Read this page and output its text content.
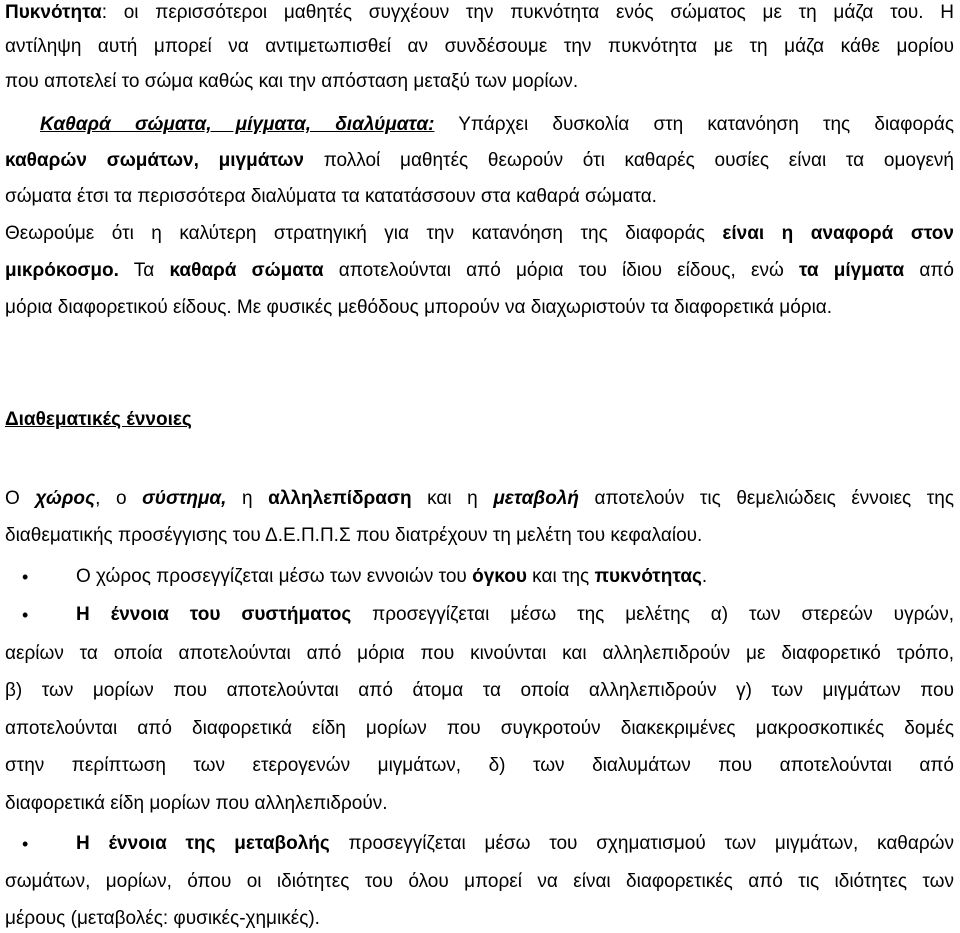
Πυκνότητα: οι περισσότεροι μαθητές συγχέουν την πυκνότητα ενός σώματος με τη μάζα του. Η
αντίληψη αυτή μπορεί να αντιμετωπισθεί αν συνδέσουμε την πυκνότητα με τη μάζα κάθε μορίου
που αποτελεί το σώμα καθώς και την απόσταση μεταξύ των μορίων.
Καθαρά σώματα, μίγματα, διαλύματα: Υπάρχει δυσκολία στη κατανόηση της διαφοράς
καθαρών σωμάτων, μιγμάτων πολλοί μαθητές θεωρούν ότι καθαρές ουσίες είναι τα ομογενή
σώματα έτσι τα περισσότερα διαλύματα τα κατατάσσουν στα καθαρά σώματα.
Θεωρούμε ότι η καλύτερη στρατηγική για την κατανόηση της διαφοράς είναι η αναφορά στον
μικρόκοσμο. Τα καθαρά σώματα αποτελούνται από μόρια του ίδιου είδους, ενώ τα μίγματα από
μόρια διαφορετικού είδους. Με φυσικές μεθόδους μπορούν να διαχωριστούν τα διαφορετικά μόρια.
Διαθεματικές έννοιες
Ο χώρος, ο σύστημα, η αλληλεπίδραση και η μεταβολή αποτελούν τις θεμελιώδεις έννοιες της
διαθεματικής προσέγγισης του Δ.Ε.Π.Π.Σ που διατρέχουν τη μελέτη του κεφαλαίου.
•	Ο χώρος προσεγγίζεται μέσω των εννοιών του όγκου και της πυκνότητας.
•	Η έννοια του συστήματος προσεγγίζεται μέσω της μελέτης α) των στερεών υγρών,
αερίων τα οποία αποτελούνται από μόρια που κινούνται και αλληλεπιδρούν με διαφορετικό τρόπο,
β) των μορίων που αποτελούνται από άτομα τα οποία αλληλεπιδρούν γ) των μιγμάτων που
αποτελούνται από διαφορετικά είδη μορίων που συγκροτούν διακεκριμένες μακροσκοπικές δομές
στην περίπτωση των ετερογενών μιγμάτων, δ) των διαλυμάτων που αποτελούνται από
διαφορετικά είδη μορίων που αλληλεπιδρούν.
•	Η έννοια της μεταβολής προσεγγίζεται μέσω του σχηματισμού των μιγμάτων, καθαρών
σωμάτων, μορίων, όπου οι ιδιότητες του όλου μπορεί να είναι διαφορετικές από τις ιδιότητες των
μέρους (μεταβολές: φυσικές-χημικές).
